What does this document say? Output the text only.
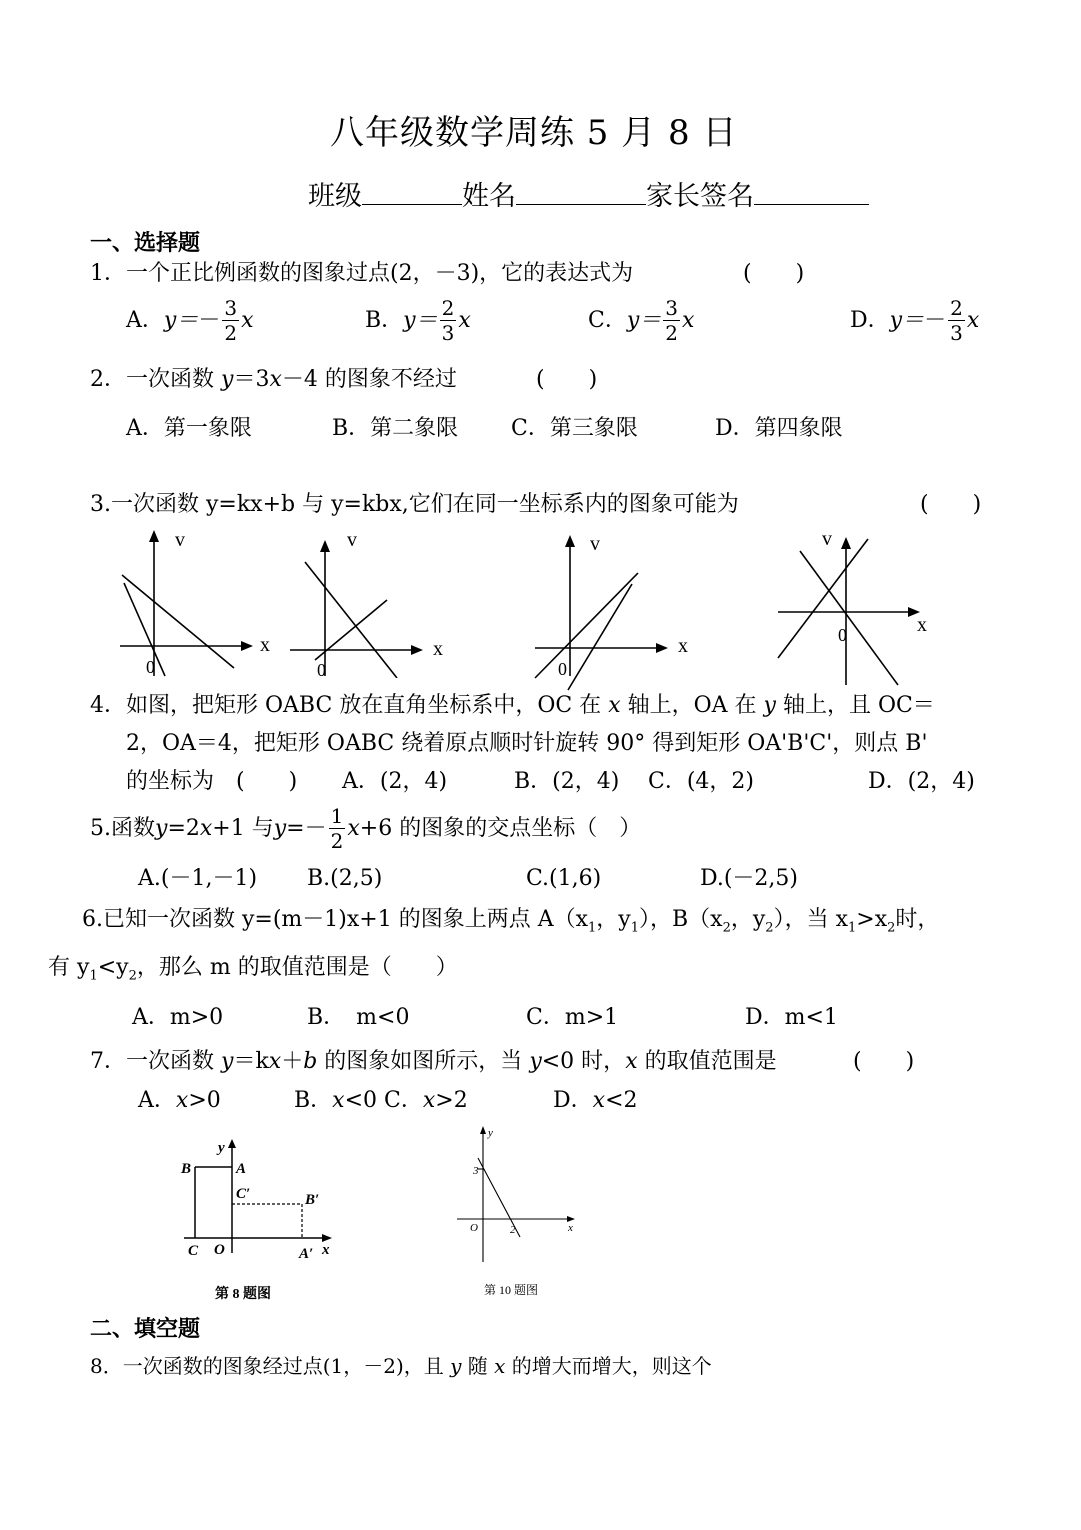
八年级数学周练 5 月 8 日
班级	姓名	家长签名
一、选择题
1．一个正比例函数的图象过点(2，－3)，它的表达式为	(　　)
A． $y= - \frac{3}{2}$ x	B． $y= \frac{2}{3}$ x	C． $y= \frac{3}{2}$ x	D． $y= - \frac{2}{3}$ x
2．一次函数 y＝3x－4 的图象不经过	(　　)
A．第一象限	B．第二象限 C．第三象限	D．第四象限
3.一次函数 y=kx+b 与 y=kbx,它们在同一坐标系内的图象可能为	(　　)
v
x
0
v
x
0
v
x
0
v
x
0
4．如图，把矩形 OABC 放在直角坐标系中，OC 在 x 轴上，OA 在 y 轴上，且 OC＝
2，OA＝4，把矩形 OABC 绕着原点顺时针旋转 90° 得到矩形 OA'B'C'，则点 B'
的坐标为　(　　) A．(2，4)	B．(2，4) C．(4，2)	D．(2，4)
5.函数 y =2 x +1 与 $y =- \frac{1}{2}$ x +6 的图象的交点坐标（　）
A.(－1,－1) B.(2,5)	C.(1,6)	D.(－2,5)
6.已知一次函数 y=(m－1)x+1 的图象上两点 $A(x_1$，$y_1$），$B(x_2$，$y_2$），当 $x_1>x_2$时，
有 $y_1<y_2$，那么 m 的取值范围是（　　）
A．m>0	B．　m<0	C．m>1	D．m<1
7．一次函数 y＝kx＋b 的图象如图所示，当 y<0 时，x 的取值范围是	(　　)
A．x>0	B．x<0 C．x>2	D．x<2
y
B	A
C′	B′
C O	A′ x
第 8 题图
y
3
O	2	x
第 10 题图
二、填空题
8．一次函数的图象经过点(1，－2)，且 y 随 x 的增大而增大，则这个
